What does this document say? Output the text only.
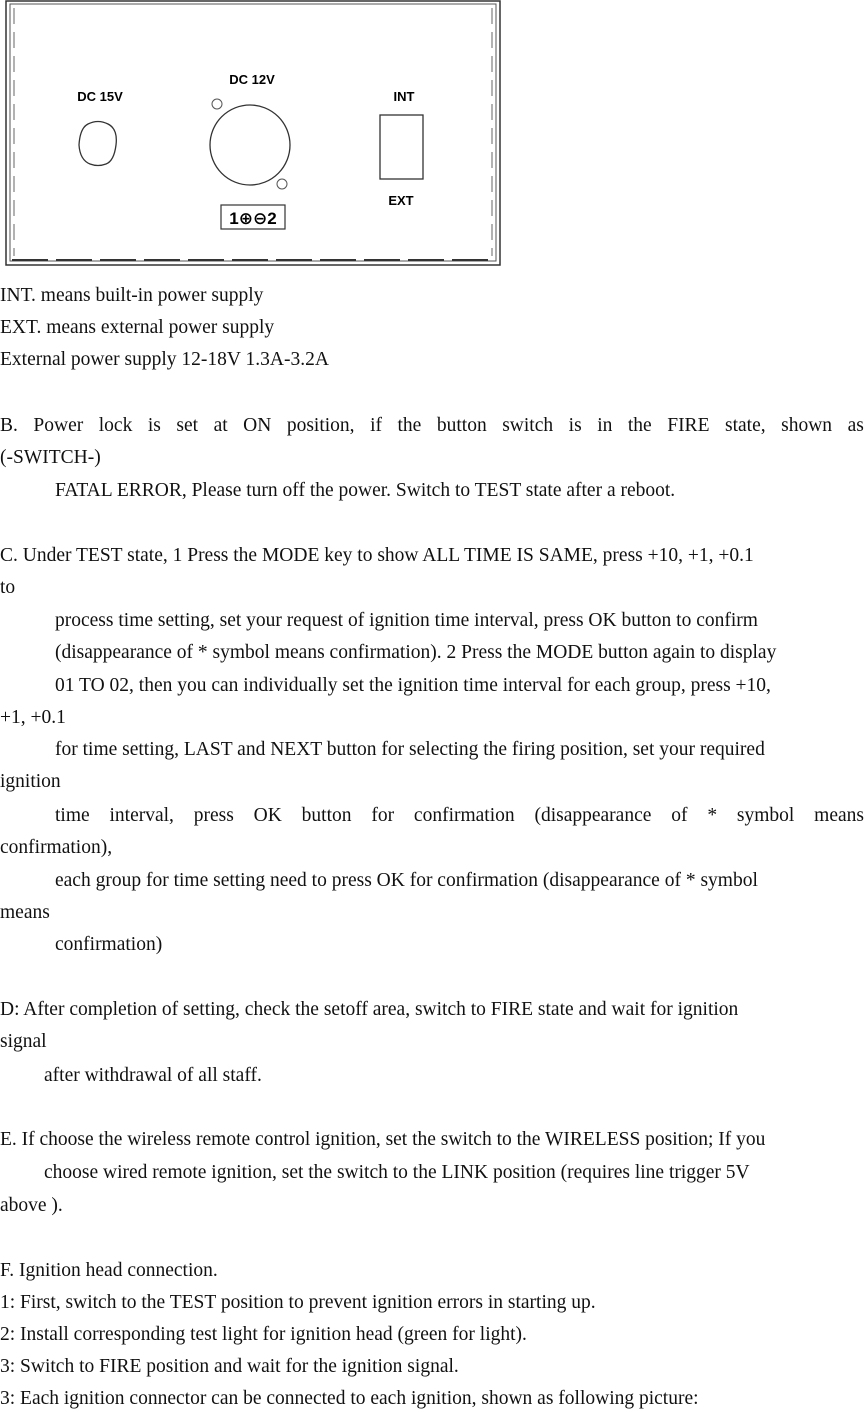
DC 15V
DC 12V
1⊕⊖2
INT
EXT
INT. means built-in power supply
EXT. means external power supply
External power supply 12-18V 1.3A-3.2A
B. Power lock is set at ON position, if the button switch is in the FIRE state, shown as
(-SWITCH-)
FATAL ERROR, Please turn off the power. Switch to TEST state after a reboot.
C. Under TEST state, 1 Press the MODE key to show ALL TIME IS SAME, press +10, +1, +0.1
to
process time setting, set your request of ignition time interval, press OK button to confirm
(disappearance of * symbol means confirmation). 2 Press the MODE button again to display
01 TO 02, then you can individually set the ignition time interval for each group, press +10,
+1, +0.1
for time setting, LAST and NEXT button for selecting the firing position, set your required
ignition
time interval, press OK button for confirmation (disappearance of * symbol means
confirmation),
each group for time setting need to press OK for confirmation (disappearance of * symbol
means
confirmation)
D: After completion of setting, check the setoff area, switch to FIRE state and wait for ignition
signal
after withdrawal of all staff.
E. If choose the wireless remote control ignition, set the switch to the WIRELESS position; If you
choose wired remote ignition, set the switch to the LINK position (requires line trigger 5V
above ).
F. Ignition head connection.
1: First, switch to the TEST position to prevent ignition errors in starting up.
2: Install corresponding test light for ignition head (green for light).
3: Switch to FIRE position and wait for the ignition signal.
3: Each ignition connector can be connected to each ignition, shown as following picture:
